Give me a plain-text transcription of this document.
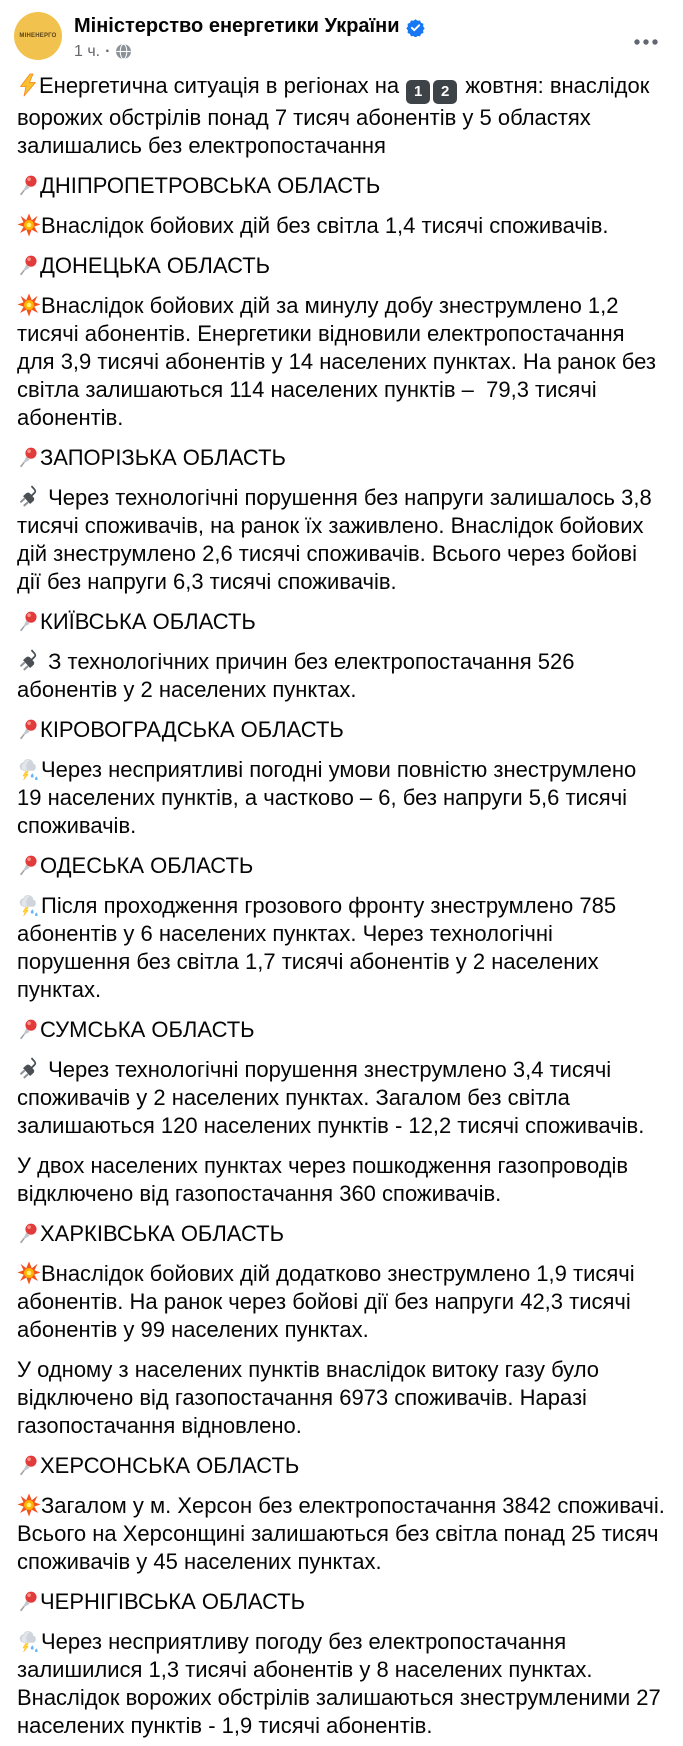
МІНЕНЕРГО Міністерство енергетики України
1 ч. ·

Енергетична ситуація в регіонах на 1 2 жовтня: внаслідок ворожих обстрілів понад 7 тисяч абонентів у 5 областях залишались без електропостачання

ДНІПРОПЕТРОВСЬКА ОБЛАСТЬ

Внаслідок бойових дій без світла 1,4 тисячі споживачів.

ДОНЕЦЬКА ОБЛАСТЬ

Внаслідок бойових дій за минулу добу знеструмлено 1,2 тисячі абонентів. Енергетики відновили електропостачання для 3,9 тисячі абонентів у 14 населених пунктах. На ранок без світла залишаються 114 населених пунктів –  79,3 тисячі абонентів.

ЗАПОРІЗЬКА ОБЛАСТЬ

Через технологічні порушення без напруги залишалось 3,8 тисячі споживачів, на ранок їх заживлено. Внаслідок бойових дій знеструмлено 2,6 тисячі споживачів. Всього через бойові дії без напруги 6,3 тисячі споживачів.

КИЇВСЬКА ОБЛАСТЬ

З технологічних причин без електропостачання 526 абонентів у 2 населених пунктах.

КІРОВОГРАДСЬКА ОБЛАСТЬ

Через несприятливі погодні умови повністю знеструмлено 19 населених пунктів, а частково – 6, без напруги 5,6 тисячі споживачів.

ОДЕСЬКА ОБЛАСТЬ

Після проходження грозового фронту знеструмлено 785 абонентів у 6 населених пунктах. Через технологічні порушення без світла 1,7 тисячі абонентів у 2 населених пунктах.

СУМСЬКА ОБЛАСТЬ

Через технологічні порушення знеструмлено 3,4 тисячі споживачів у 2 населених пунктах. Загалом без світла залишаються 120 населених пунктів - 12,2 тисячі споживачів.

У двох населених пунктах через пошкодження газопроводів відключено від газопостачання 360 споживачів.

ХАРКІВСЬКА ОБЛАСТЬ

Внаслідок бойових дій додатково знеструмлено 1,9 тисячі абонентів. На ранок через бойові дії без напруги 42,3 тисячі абонентів у 99 населених пунктах.

У одному з населених пунктів внаслідок витоку газу було відключено від газопостачання 6973 споживачів. Наразі газопостачання відновлено.

ХЕРСОНСЬКА ОБЛАСТЬ

Загалом у м. Херсон без електропостачання 3842 споживачі. Всього на Херсонщині залишаються без світла понад 25 тисяч споживачів у 45 населених пунктах.

ЧЕРНІГІВСЬКА ОБЛАСТЬ

Через несприятливу погоду без електропостачання залишилися 1,3 тисячі абонентів у 8 населених пунктах. Внаслідок ворожих обстрілів залишаються знеструмленими 27 населених пунктів - 1,9 тисячі абонентів.
